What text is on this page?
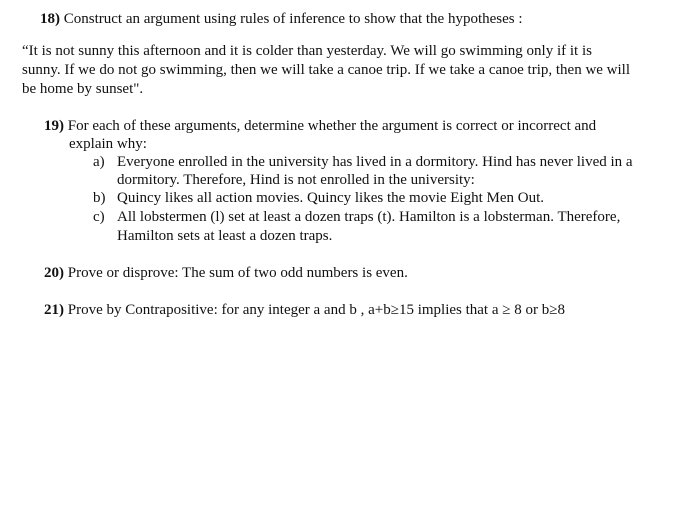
18) Construct an argument using rules of inference to show that the hypotheses :
“It is not sunny this afternoon and it is colder than yesterday. We will go swimming only if it is
sunny. If we do not go swimming, then we will take a canoe trip. If we take a canoe trip, then we will
be home by sunset".
19) For each of these arguments, determine whether the argument is correct or incorrect and
explain why:
a) Everyone enrolled in the university has lived in a dormitory. Hind has never lived in a
dormitory. Therefore, Hind is not enrolled in the university:
b) Quincy likes all action movies. Quincy likes the movie Eight Men Out.
c) All lobstermen (l) set at least a dozen traps (t). Hamilton is a lobsterman. Therefore,
Hamilton sets at least a dozen traps.
20) Prove or disprove: The sum of two odd numbers is even.
21) Prove by Contrapositive: for any integer a and b , a+b≥15 implies that a ≥ 8 or b≥8
